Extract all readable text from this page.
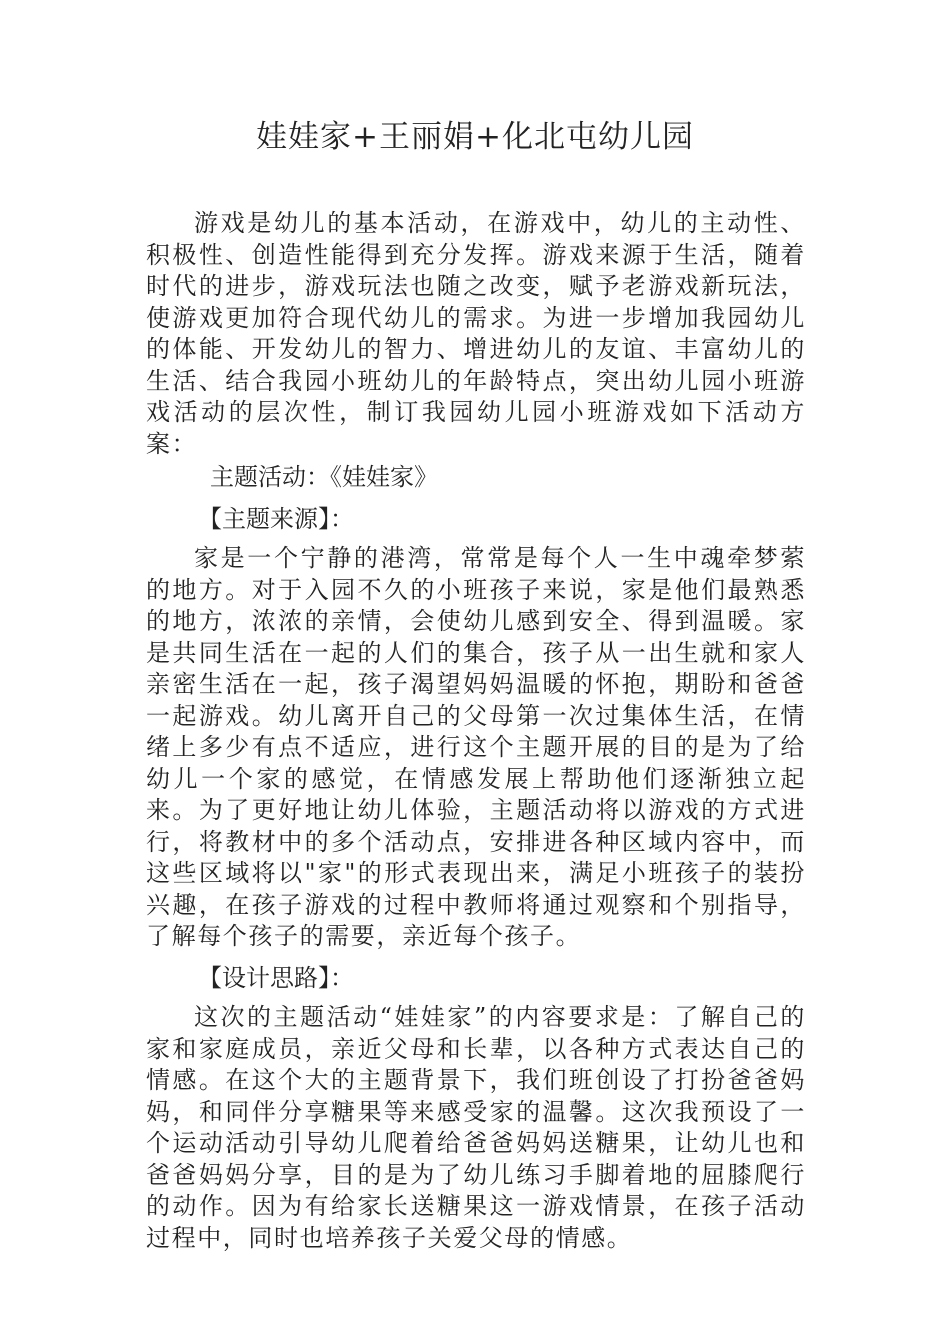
娃娃家+王丽娟+化北屯幼儿园

游戏是幼儿的基本活动，在游戏中，幼儿的主动性、积极性、创造性能得到充分发挥。游戏来源于生活，随着时代的进步，游戏玩法也随之改变，赋予老游戏新玩法，使游戏更加符合现代幼儿的需求。为进一步增加我园幼儿的体能、开发幼儿的智力、增进幼儿的友谊、丰富幼儿的生活、结合我园小班幼儿的年龄特点，突出幼儿园小班游戏活动的层次性，制订我园幼儿园小班游戏如下活动方案：

主题活动：《娃娃家》
【主题来源】：

家是一个宁静的港湾，常常是每个人一生中魂牵梦萦的地方。对于入园不久的小班孩子来说，家是他们最熟悉的地方，浓浓的亲情，会使幼儿感到安全、得到温暖。家是共同生活在一起的人们的集合，孩子从一出生就和家人亲密生活在一起，孩子渴望妈妈温暖的怀抱，期盼和爸爸一起游戏。幼儿离开自己的父母第一次过集体生活，在情绪上多少有点不适应，进行这个主题开展的目的是为了给幼儿一个家的感觉，在情感发展上帮助他们逐渐独立起来。为了更好地让幼儿体验，主题活动将以游戏的方式进行，将教材中的多个活动点，安排进各种区域内容中，而这些区域将以"家"的形式表现出来，满足小班孩子的装扮兴趣，在孩子游戏的过程中教师将通过观察和个别指导，了解每个孩子的需要，亲近每个孩子。

【设计思路】：

这次的主题活动“娃娃家”的内容要求是：了解自己的家和家庭成员，亲近父母和长辈，以各种方式表达自己的情感。在这个大的主题背景下，我们班创设了打扮爸爸妈妈，和同伴分享糖果等来感受家的温馨。这次我预设了一个运动活动引导幼儿爬着给爸爸妈妈送糖果，让幼儿也和爸爸妈妈分享，目的是为了幼儿练习手脚着地的屈膝爬行的动作。因为有给家长送糖果这一游戏情景，在孩子活动过程中，同时也培养孩子关爱父母的情感。
